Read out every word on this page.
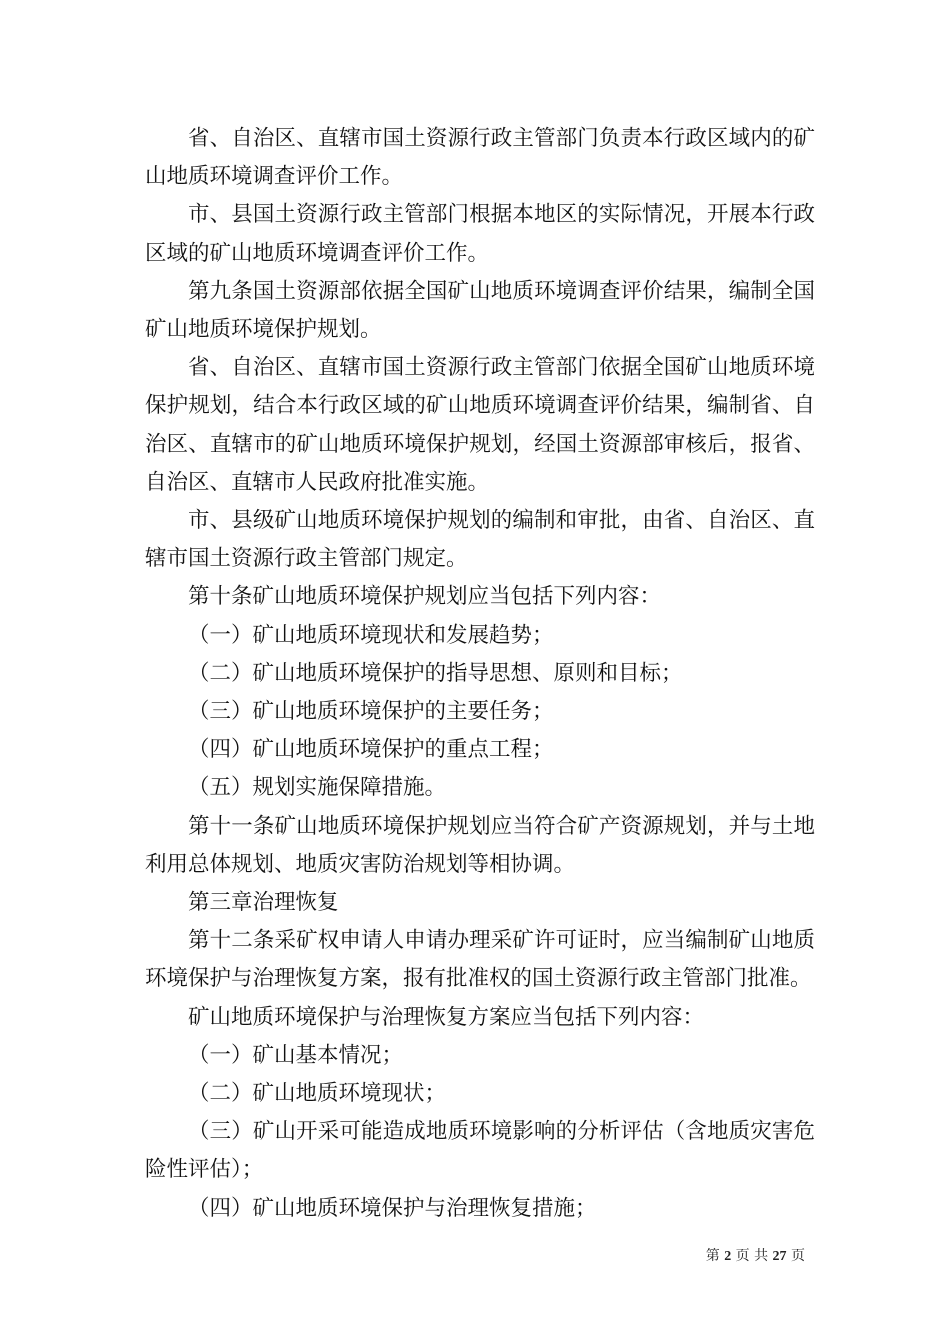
省、自治区、直辖市国土资源行政主管部门负责本行政区域内的矿山地质环境调查评价工作。

市、县国土资源行政主管部门根据本地区的实际情况，开展本行政区域的矿山地质环境调查评价工作。

第九条国土资源部依据全国矿山地质环境调查评价结果，编制全国矿山地质环境保护规划。

省、自治区、直辖市国土资源行政主管部门依据全国矿山地质环境保护规划，结合本行政区域的矿山地质环境调查评价结果，编制省、自治区、直辖市的矿山地质环境保护规划，经国土资源部审核后，报省、自治区、直辖市人民政府批准实施。

市、县级矿山地质环境保护规划的编制和审批，由省、自治区、直辖市国土资源行政主管部门规定。

第十条矿山地质环境保护规划应当包括下列内容：

（一）矿山地质环境现状和发展趋势；

（二）矿山地质环境保护的指导思想、原则和目标；

（三）矿山地质环境保护的主要任务；

（四）矿山地质环境保护的重点工程；

（五）规划实施保障措施。

第十一条矿山地质环境保护规划应当符合矿产资源规划，并与土地利用总体规划、地质灾害防治规划等相协调。

第三章治理恢复

第十二条采矿权申请人申请办理采矿许可证时，应当编制矿山地质环境保护与治理恢复方案，报有批准权的国土资源行政主管部门批准。

矿山地质环境保护与治理恢复方案应当包括下列内容：

（一）矿山基本情况；

（二）矿山地质环境现状；

（三）矿山开采可能造成地质环境影响的分析评估（含地质灾害危险性评估）；

（四）矿山地质环境保护与治理恢复措施；

第 2 页 共 27 页
